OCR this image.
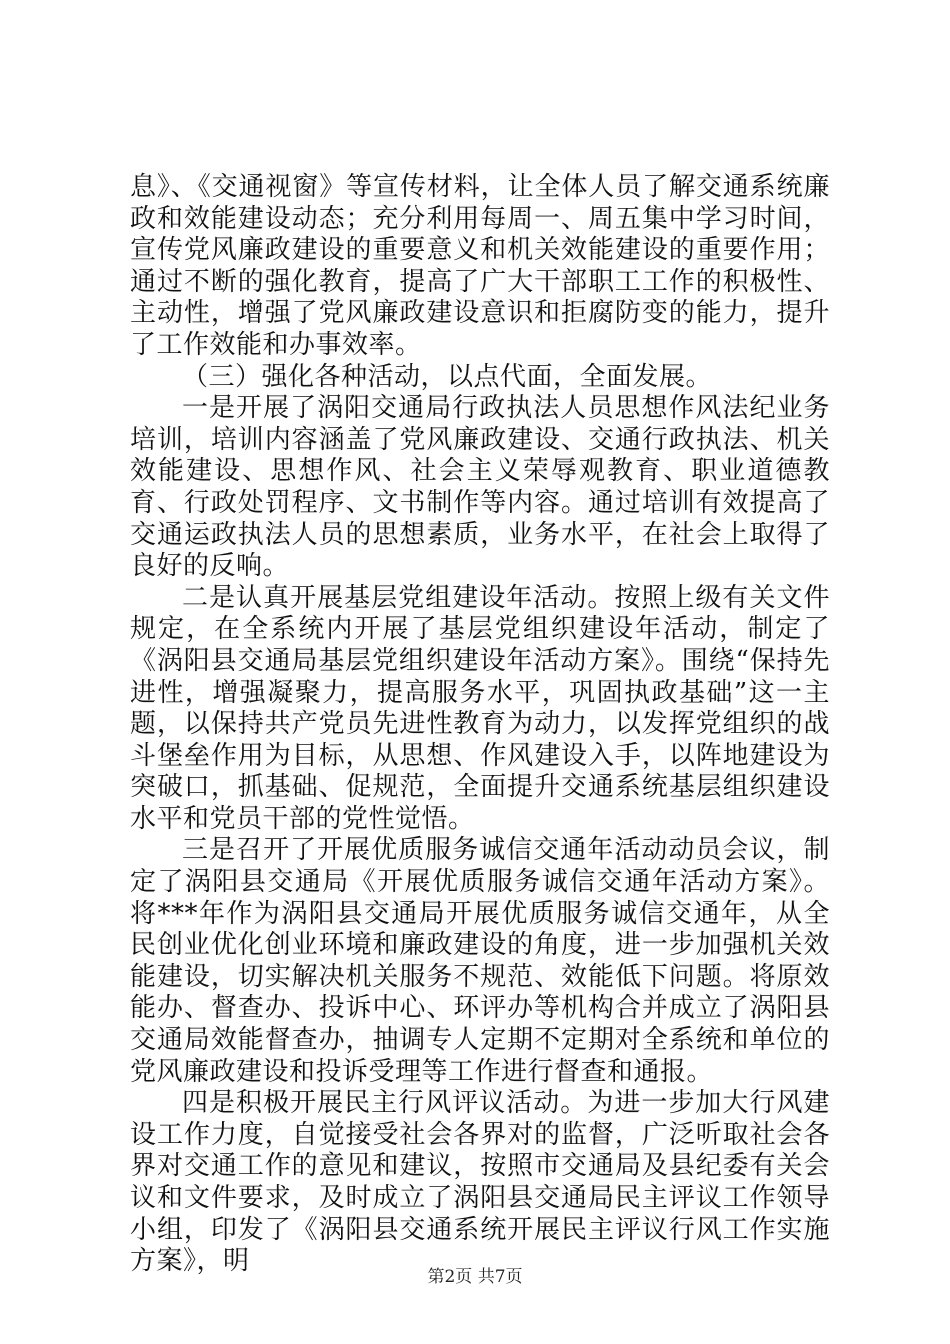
息》、《交通视窗》等宣传材料，让全体人员了解交通系统廉政和效能建设动态；充分利用每周一、周五集中学习时间，宣传党风廉政建设的重要意义和机关效能建设的重要作用；通过不断的强化教育，提高了广大干部职工工作的积极性、主动性，增强了党风廉政建设意识和拒腐防变的能力，提升了工作效能和办事效率。

（三）强化各种活动，以点代面，全面发展。

一是开展了涡阳交通局行政执法人员思想作风法纪业务培训，培训内容涵盖了党风廉政建设、交通行政执法、机关效能建设、思想作风、社会主义荣辱观教育、职业道德教育、行政处罚程序、文书制作等内容。通过培训有效提高了交通运政执法人员的思想素质，业务水平，在社会上取得了良好的反响。

二是认真开展基层党组建设年活动。按照上级有关文件规定，在全系统内开展了基层党组织建设年活动，制定了《涡阳县交通局基层党组织建设年活动方案》。围绕“保持先进性，增强凝聚力，提高服务水平，巩固执政基础”这一主题，以保持共产党员先进性教育为动力，以发挥党组织的战斗堡垒作用为目标，从思想、作风建设入手，以阵地建设为突破口，抓基础、促规范，全面提升交通系统基层组织建设水平和党员干部的党性觉悟。

三是召开了开展优质服务诚信交通年活动动员会议，制定了涡阳县交通局《开展优质服务诚信交通年活动方案》。将***年作为涡阳县交通局开展优质服务诚信交通年，从全民创业优化创业环境和廉政建设的角度，进一步加强机关效能建设，切实解决机关服务不规范、效能低下问题。将原效能办、督查办、投诉中心、环评办等机构合并成立了涡阳县交通局效能督查办，抽调专人定期不定期对全系统和单位的党风廉政建设和投诉受理等工作进行督查和通报。

四是积极开展民主行风评议活动。为进一步加大行风建设工作力度，自觉接受社会各界对的监督，广泛听取社会各界对交通工作的意见和建议，按照市交通局及县纪委有关会议和文件要求，及时成立了涡阳县交通局民主评议工作领导小组，印发了《涡阳县交通系统开展民主评议行风工作实施方案》，明

第2页 共7页
